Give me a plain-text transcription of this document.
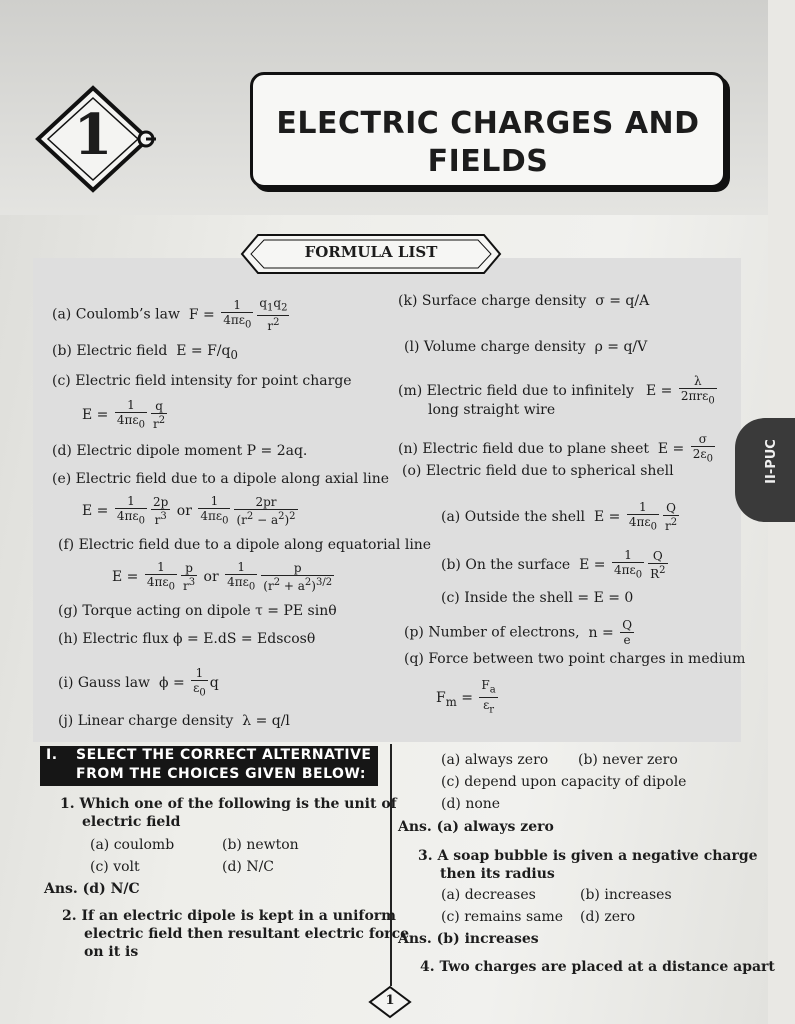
1	ELECTRIC CHARGES AND
FIELDS
FORMULA LIST
(a) Coulomb’s law  $F = \frac{1}{4\pi\varepsilon_0} \frac{q_1q_2}{r^2}$
(b) Electric field  $E = F/q_0$
(c) Electric field intensity for point charge
$E = \frac{1}{4\pi\varepsilon_0} \frac{q}{r^2}$
(d) Electric dipole moment P = 2aq.
(e) Electric field due to a dipole along axial line
$E = \frac{1}{4\pi\varepsilon_0} \frac{2p}{r^3}$ or $\frac{1}{4\pi\varepsilon_0} \frac{2pr}{(r^2 - a^2)^2}$
(f) Electric field due to a dipole along equatorial line
$E = \frac{1}{4\pi\varepsilon_0} \frac{p}{r^3}$ or $\frac{1}{4\pi\varepsilon_0} \frac{p}{(r^2 + a^2)^{3/2}}$
(g) Torque acting on dipole τ = PE sinθ
(h) Electric flux ϕ = E.dS = Edscosθ
(i) Gauss law  $\phi = \frac{1}{\varepsilon_0}$ q
(j) Linear charge density  λ = q/l
(k) Surface charge density  σ = q/A
(l) Volume charge density  ρ = q/V
(m) Electric field due to infinitely
long straight wire
$E = \frac{\lambda}{2\pi r\varepsilon_0}$
(n) Electric field due to plane sheet  $E = \frac{\sigma}{2\varepsilon_0}$
(o) Electric field due to spherical shell
(a) Outside the shell  $E = \frac{1}{4\pi\varepsilon_0} \frac{Q}{r^2}$
(b) On the surface  $E = \frac{1}{4\pi\varepsilon_0} \frac{Q}{R^2}$
(c) Inside the shell = E = 0
(p) Number of electrons,  $n = \frac{Q}{e}$
(q) Force between two point charges in medium
$F_m = \frac{F_a}{\varepsilon_r}$
II-PUC
I. SELECT THE CORRECT ALTERNATIVE
FROM THE CHOICES GIVEN BELOW:
1. Which one of the following is the unit of
electric field
(a) coulomb	(b) newton
(c) volt	(d) N/C
Ans. (d) N/C
2. If an electric dipole is kept in a uniform
electric field then resultant electric force
on it is
(a) always zero (b) never zero
(c) depend upon capacity of dipole
(d) none
Ans. (a) always zero
3. A soap bubble is given a negative charge
then its radius
(a) decreases	(b) increases
(c) remains same (d) zero
Ans. (b) increases
4. Two charges are placed at a distance apart
1
